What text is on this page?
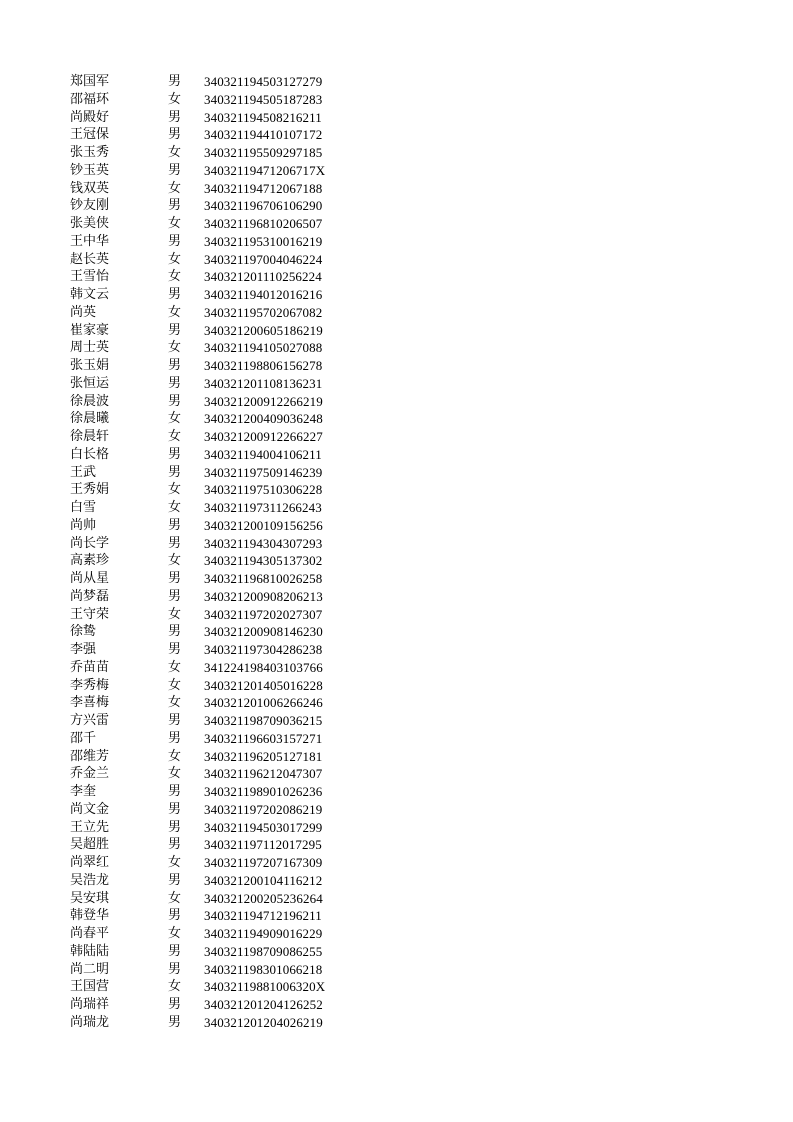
郑国军	男	340321194503127279
邵福环	女	340321194505187283
尚殿好	男	340321194508216211
王冠保	男	340321194410107172
张玉秀	女	340321195509297185
钞玉英	男	34032119471206717X
钱双英	女	340321194712067188
钞友刚	男	340321196706106290
张美侠	女	340321196810206507
王中华	男	340321195310016219
赵长英	女	340321197004046224
王雪怡	女	340321201110256224
韩文云	男	340321194012016216
尚英	女	340321195702067082
崔家豪	男	340321200605186219
周士英	女	340321194105027088
张玉娟	男	340321198806156278
张恒运	男	340321201108136231
徐晨波	男	340321200912266219
徐晨曦	女	340321200409036248
徐晨轩	女	340321200912266227
白长格	男	340321194004106211
王武	男	340321197509146239
王秀娟	女	340321197510306228
白雪	女	340321197311266243
尚帅	男	340321200109156256
尚长学	男	340321194304307293
高素珍	女	340321194305137302
尚从星	男	340321196810026258
尚梦磊	男	340321200908206213
王守荣	女	340321197202027307
徐鸷	男	340321200908146230
李强	男	340321197304286238
乔苗苗	女	341224198403103766
李秀梅	女	340321201405016228
李喜梅	女	340321201006266246
方兴雷	男	340321198709036215
邵千	男	340321196603157271
邵维芳	女	340321196205127181
乔金兰	女	340321196212047307
李奎	男	340321198901026236
尚文金	男	340321197202086219
王立先	男	340321194503017299
吴超胜	男	340321197112017295
尚翠红	女	340321197207167309
吴浩龙	男	340321200104116212
吴安琪	女	340321200205236264
韩登华	男	340321194712196211
尚春平	女	340321194909016229
韩陆陆	男	340321198709086255
尚二明	男	340321198301066218
王国营	女	34032119881006320X
尚瑞祥	男	340321201204126252
尚瑞龙	男	340321201204026219
